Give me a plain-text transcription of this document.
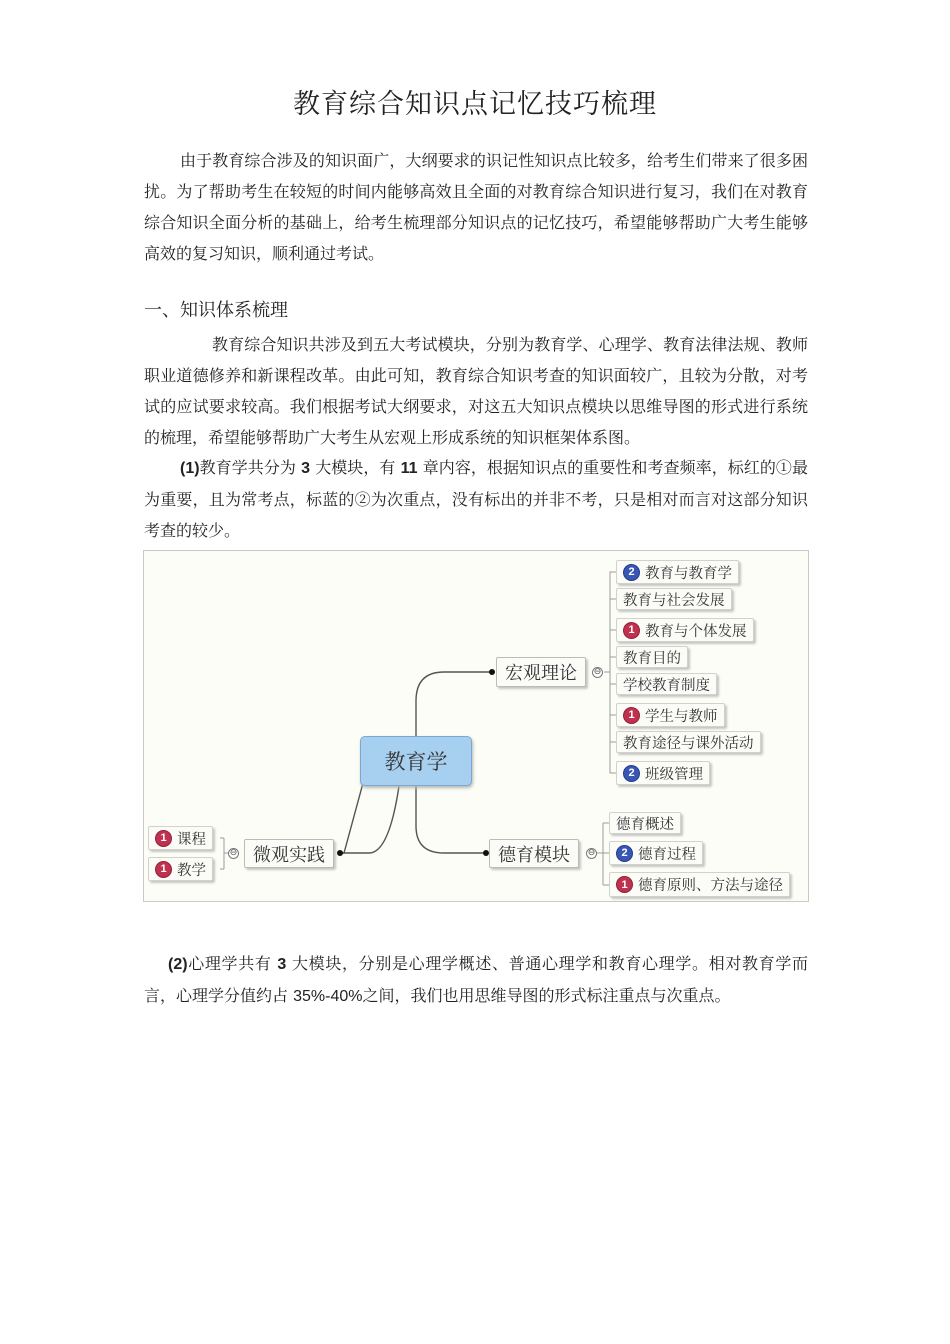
教育综合知识点记忆技巧梳理

由于教育综合涉及的知识面广，大纲要求的识记性知识点比较多，给考生们带来了很多困扰。为了帮助考生在较短的时间内能够高效且全面的对教育综合知识进行复习，我们在对教育综合知识全面分析的基础上，给考生梳理部分知识点的记忆技巧，希望能够帮助广大考生能够高效的复习知识，顺利通过考试。

一、知识体系梳理

教育综合知识共涉及到五大考试模块，分别为教育学、心理学、教育法律法规、教师职业道德修养和新课程改革。由此可知，教育综合知识考查的知识面较广，且较为分散，对考试的应试要求较高。我们根据考试大纲要求，对这五大知识点模块以思维导图的形式进行系统的梳理，希望能够帮助广大考生从宏观上形成系统的知识框架体系图。

(1)教育学共分为 3 大模块，有 11 章内容，根据知识点的重要性和考查频率，标红的①最为重要，且为常考点，标蓝的②为次重点，没有标出的并非不考，只是相对而言对这部分知识考查的较少。

教育学
宏观理论	⊖
2 教育与教育学
教育与社会发展
1 教育与个体发展
教育目的
学校教育制度
1 学生与教师
教育途径与课外活动
2 班级管理
微观实践
⊖
1 课程
1 教学
德育模块	⊖
德育概述
2 德育过程
1 德育原则、方法与途径

(2)心理学共有 3 大模块，分别是心理学概述、普通心理学和教育心理学。相对教育学而言，心理学分值约占 35%-40%之间，我们也用思维导图的形式标注重点与次重点。
